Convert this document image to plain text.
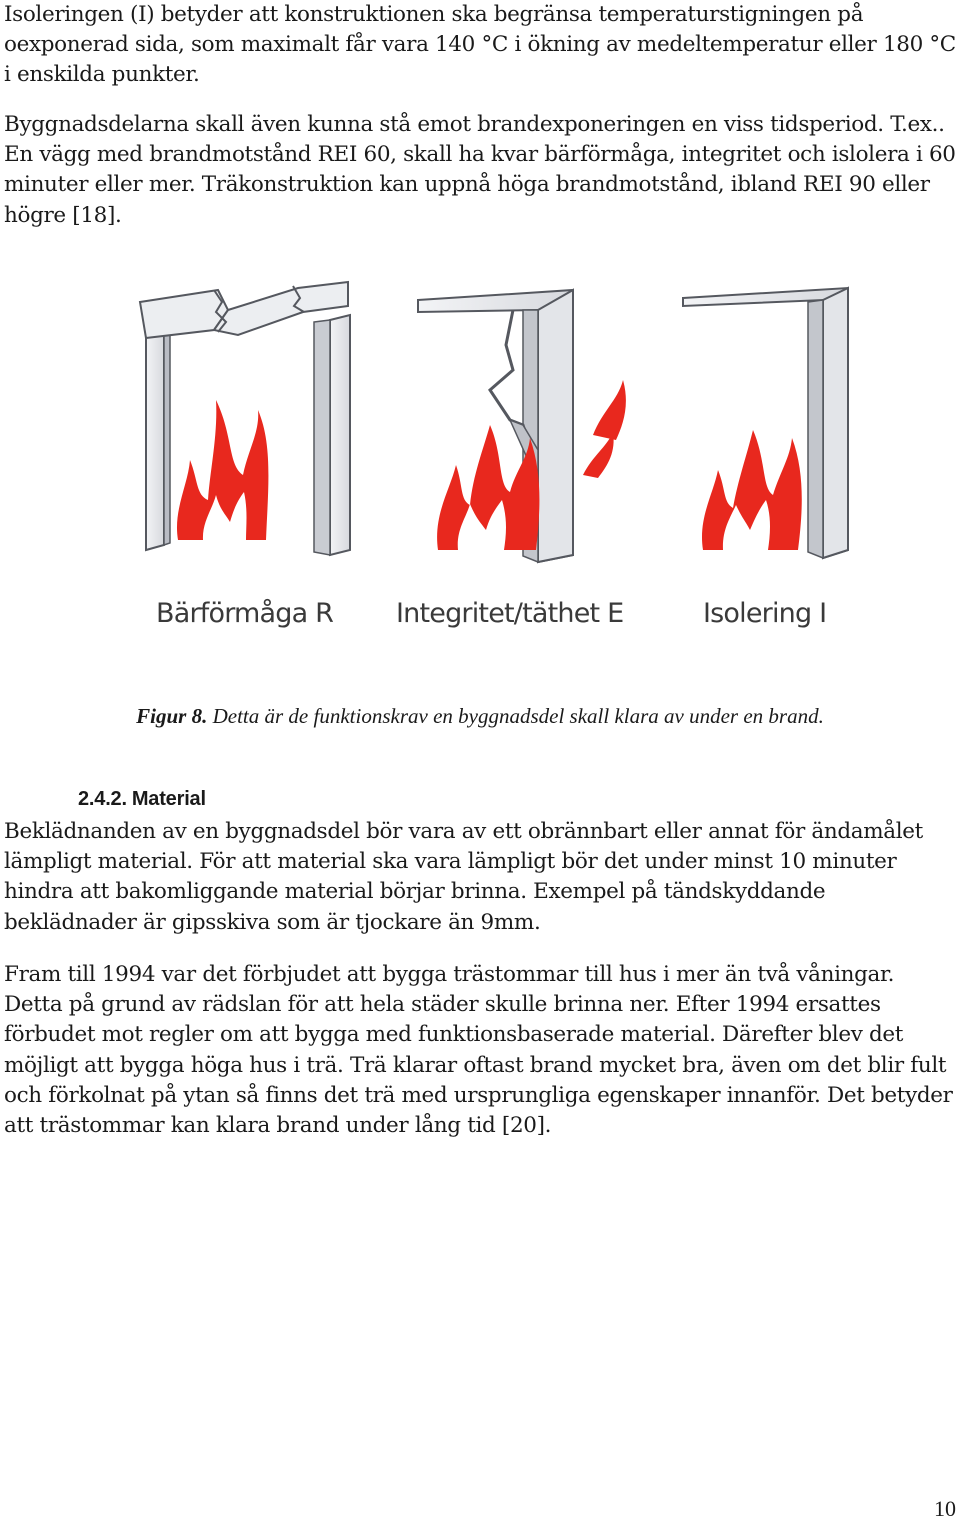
Isoleringen (I) betyder att konstruktionen ska begränsa temperaturstigningen på oexponerad sida, som maximalt får vara 140 °C i ökning av medeltemperatur eller 180 °C i enskilda punkter.

Byggnadsdelarna skall även kunna stå emot brandexponeringen en viss tidsperiod. T.ex.. En vägg med brandmotstånd REI 60, skall ha kvar bärförmåga, integritet och islolera i 60 minuter eller mer. Träkonstruktion kan uppnå höga brandmotstånd, ibland REI 90 eller högre [18].

Bärförmåga R Integritet/täthet E	Isolering I
Figur 8. Detta är de funktionskrav en byggnadsdel skall klara av under en brand.
2.4.2. Material

Beklädnanden av en byggnadsdel bör vara av ett obrännbart eller annat för ändamålet lämpligt material. För att material ska vara lämpligt bör det under minst 10 minuter hindra att bakomliggande material börjar brinna. Exempel på tändskyddande beklädnader är gipsskiva som är tjockare än 9mm.

Fram till 1994 var det förbjudet att bygga trästommar till hus i mer än två våningar. Detta på grund av rädslan för att hela städer skulle brinna ner. Efter 1994 ersattes förbudet mot regler om att bygga med funktionsbaserade material. Därefter blev det möjligt att bygga höga hus i trä. Trä klarar oftast brand mycket bra, även om det blir fult och förkolnat på ytan så finns det trä med ursprungliga egenskaper innanför. Det betyder att trästommar kan klara brand under lång tid [20].

10
